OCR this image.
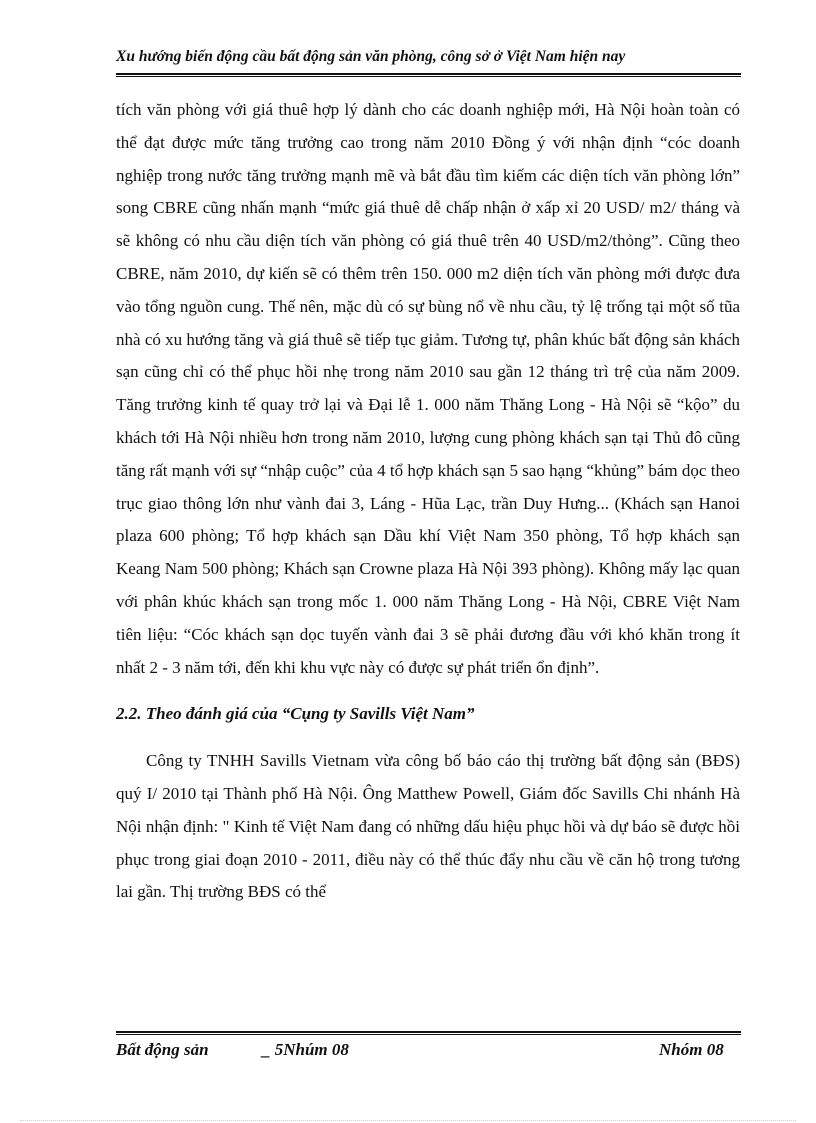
Xu hướng biến động cầu bất động sản văn phòng, công sở ở Việt Nam hiện nay

tích văn phòng với giá thuê hợp lý dành cho các doanh nghiệp mới, Hà Nội hoàn toàn có thể đạt được mức tăng trưởng cao trong năm 2010 Đồng ý với nhận định “cóc doanh nghiệp trong nước tăng trưởng mạnh mẽ và bắt đầu tìm kiếm các diện tích văn phòng lớn” song CBRE cũng nhấn mạnh “mức giá thuê dễ chấp nhận ở xấp xỉ 20 USD/ m2/ tháng và sẽ không có nhu cầu diện tích văn phòng có giá thuê trên 40 USD/m2/thỏng”. Cũng theo CBRE, năm 2010, dự kiến sẽ có thêm trên 150. 000 m2 diện tích văn phòng mới được đưa vào tổng nguồn cung. Thế nên, mặc dù có sự bùng nổ về nhu cầu, tỷ lệ trống tại một số tũa nhà có xu hướng tăng và giá thuê sẽ tiếp tục giảm. Tương tự, phân khúc bất động sản khách sạn cũng chỉ có thể phục hồi nhẹ trong năm 2010 sau gần 12 tháng trì trệ của năm 2009. Tăng trưởng kinh tế quay trở lại và Đại lễ 1. 000 năm Thăng Long - Hà Nội sẽ “kộo” du khách tới Hà Nội nhiều hơn trong năm 2010, lượng cung phòng khách sạn tại Thủ đô cũng tăng rất mạnh với sự “nhập cuộc” của 4 tổ hợp khách sạn 5 sao hạng “khủng” bám dọc theo trục giao thông lớn như vành đai 3, Láng - Hũa Lạc, trần Duy Hưng... (Khách sạn Hanoi plaza 600 phòng; Tổ hợp khách sạn Dầu khí Việt Nam 350 phòng, Tổ hợp khách sạn Keang Nam 500 phòng; Khách sạn Crowne plaza Hà Nội 393 phòng). Không mấy lạc quan với phân khúc khách sạn trong mốc 1. 000 năm Thăng Long - Hà Nội, CBRE Việt Nam tiên liệu: “Cóc khách sạn dọc tuyến vành đai 3 sẽ phải đương đầu với khó khăn trong ít nhất 2 - 3 năm tới, đến khi khu vực này có được sự phát triển ổn định”.

2.2. Theo đánh giá của “Cụng ty Savills Việt Nam”

Công ty TNHH Savills Vietnam vừa công bố báo cáo thị trường bất động sản (BĐS) quý I/ 2010 tại Thành phố Hà Nội. Ông Matthew Powell, Giám đốc Savills Chi nhánh Hà Nội nhận định: " Kinh tế Việt Nam đang có những dấu hiệu phục hồi và dự báo sẽ được hồi phục trong giai đoạn 2010 - 2011, điều này có thể thúc đẩy nhu cầu về căn hộ trong tương lai gần. Thị trường BĐS có thể

Bất động sản	_ 5Nhúm 08	Nhóm 08
